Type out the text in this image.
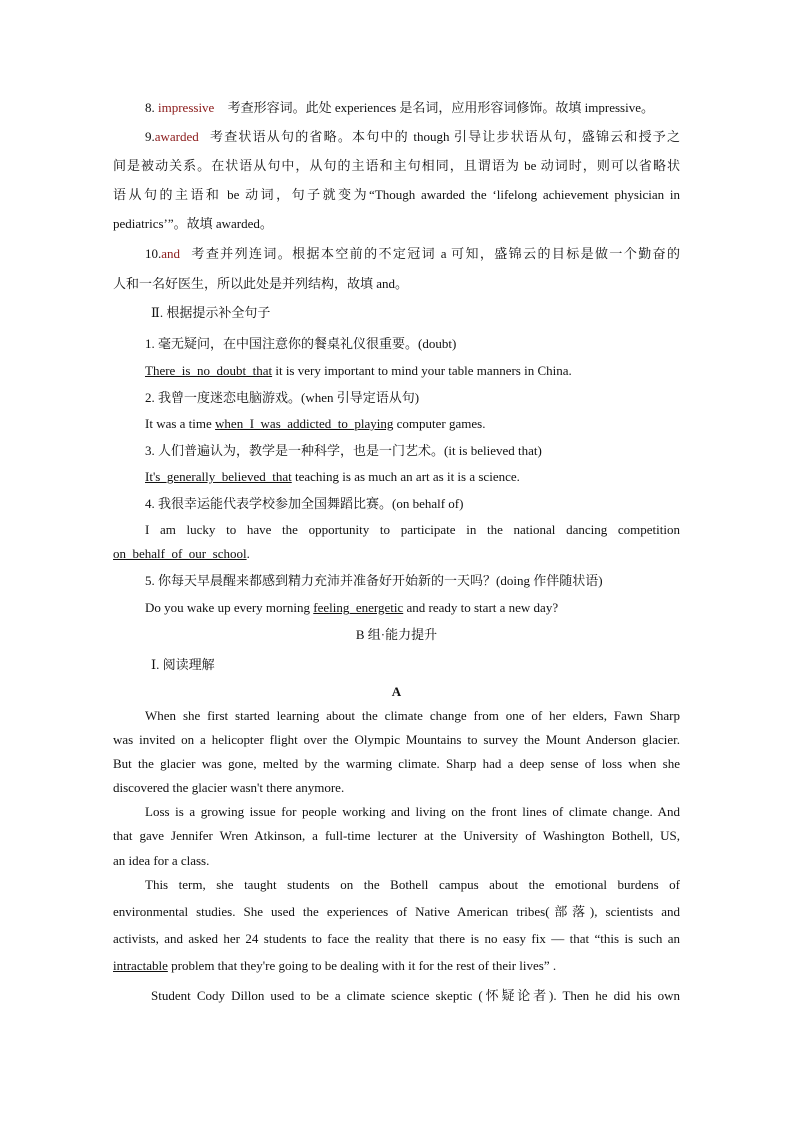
8. impressive 考查形容词。此处 experiences 是名词，应用形容词修饰。故填 impressive。
9.awarded 考查状语从句的省略。本句中的 though 引导让步状语从句，盛锦云和授予之
间是被动关系。在状语从句中，从句的主语和主句相同，且谓语为 be 动词时，则可以省略状
语从句的主语和 be 动词，句子就变为“Though awarded the ‘lifelong achievement physician in
pediatrics’”。故填 awarded。
10.and 考查并列连词。根据本空前的不定冠词 a 可知，盛锦云的目标是做一个勤奋的
人和一名好医生，所以此处是并列结构，故填 and。
Ⅱ. 根据提示补全句子
1. 毫无疑问，在中国注意你的餐桌礼仪很重要。(doubt)
There_is_no_doubt_that it is very important to mind your table manners in China.
2. 我曾一度迷恋电脑游戏。(when 引导定语从句)
It was a time when_I_was_addicted_to_playing computer games.
3. 人们普遍认为，教学是一种科学，也是一门艺术。(it is believed that)
It's_generally_believed_that teaching is as much an art as it is a science.
4. 我很幸运能代表学校参加全国舞蹈比赛。(on behalf of)
I am lucky to have the opportunity to participate in the national dancing competition
on_behalf_of_our_school.
5. 你每天早晨醒来都感到精力充沛并准备好开始新的一天吗？(doing 作伴随状语)
Do you wake up every morning feeling_energetic and ready to start a new day?
B 组·能力提升
Ⅰ. 阅读理解
A
When she first started learning about the climate change from one of her elders, Fawn Sharp
was invited on a helicopter flight over the Olympic Mountains to survey the Mount Anderson glacier.
But the glacier was gone, melted by the warming climate. Sharp had a deep sense of loss when she
discovered the glacier wasn't there anymore.
Loss is a growing issue for people working and living on the front lines of climate change. And
that gave Jennifer Wren Atkinson, a full-time lecturer at the University of Washington Bothell, US,
an idea for a class.
This term, she taught students on the Bothell campus about the emotional burdens of
environmental studies. She used the experiences of Native American tribes(部落), scientists and
activists, and asked her 24 students to face the reality that there is no easy fix — that “this is such an
intractable problem that they're going to be dealing with it for the rest of their lives” .
Student Cody Dillon used to be a climate science skeptic (怀疑论者). Then he did his own
